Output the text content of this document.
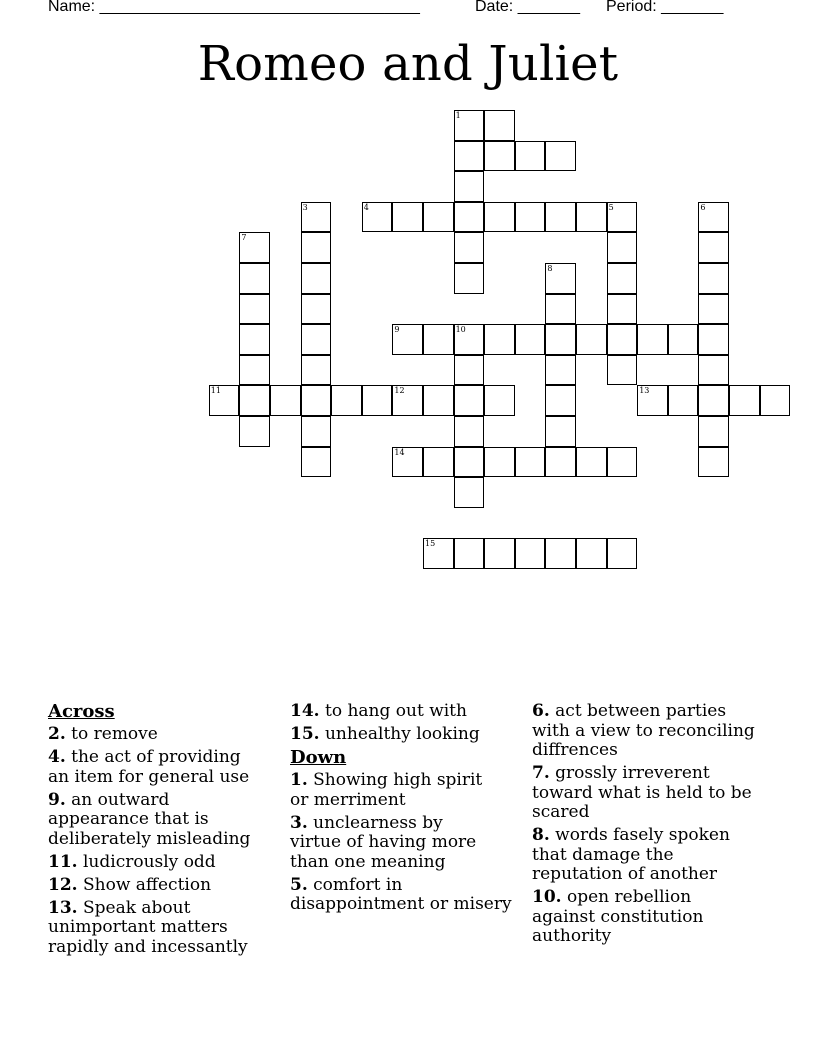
Name: ____________________________________	Date: _______ Period: _______
Romeo and Juliet
1
4
3	5	6
7
8
9	10
11	12	13
14
15
Across
2. to remove
4. the act of providing an item for general use
9. an outward appearance that is deliberately misleading
11. ludicrously odd
12. Show affection
13. Speak about unimportant matters rapidly and incessantly
14. to hang out with
15. unhealthy looking
Down
1. Showing high spirit or merriment
3. unclearness by virtue of having more than one meaning
5. comfort in disappointment or misery
6. act between parties with a view to reconciling diffrences
7. grossly irreverent toward what is held to be scared
8. words fasely spoken that damage the reputation of another
10. open rebellion against constitution authority
